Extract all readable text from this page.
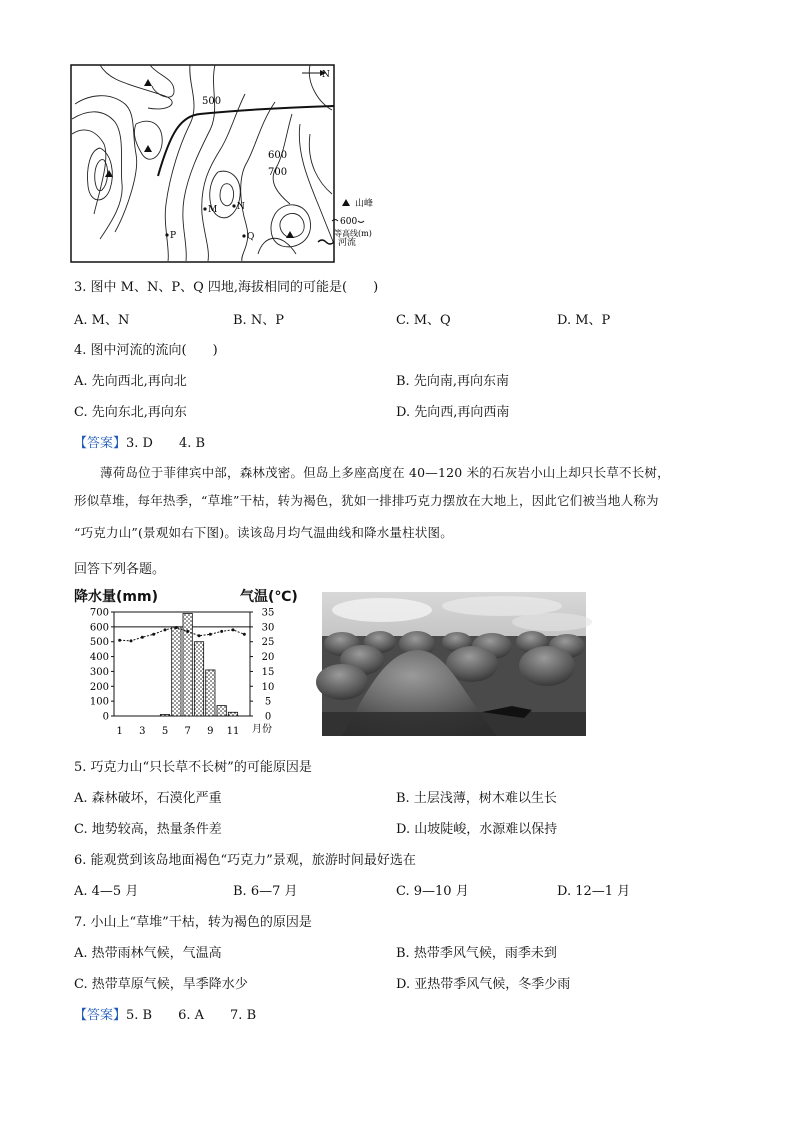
N
500
600
700
M N
P	Q
山峰
600
等高线(m)
河流
3. 图中 M、N、P、Q 四地,海拔相同的可能是(　　)
A. M、N	B. N、P	C. M、Q	D. M、P
4. 图中河流的流向(　　)
A. 先向西北,再向北	B. 先向南,再向东南
C. 先向东北,再向东	D. 先向西,再向西南
【答案】3. D　　4. B
薄荷岛位于菲律宾中部，森林茂密。但岛上多座高度在 40—120 米的石灰岩小山上却只长草不长树，
形似草堆，每年热季，“草堆”干枯，转为褐色，犹如一排排巧克力摆放在大地上，因此它们被当地人称为
“巧克力山”(景观如右下图)。读该岛月均气温曲线和降水量柱状图。
回答下列各题。
降水量(mm)	气温(℃)
700
600
500
400
300
200
100
0
35
30
25
20
15
10
5
0
1 3 5 7 9 11 月份
5. 巧克力山“只长草不长树”的可能原因是
A. 森林破坏，石漠化严重	B. 土层浅薄，树木难以生长
C. 地势较高，热量条件差	D. 山坡陡峻，水源难以保持
6. 能观赏到该岛地面褐色“巧克力”景观，旅游时间最好选在
A. 4—5 月	B. 6—7 月	C. 9—10 月	D. 12—1 月
7. 小山上“草堆”干枯，转为褐色的原因是
A. 热带雨林气候，气温高	B. 热带季风气候，雨季未到
C. 热带草原气候，旱季降水少	D. 亚热带季风气候，冬季少雨
【答案】5. B　　6. A　　7. B
